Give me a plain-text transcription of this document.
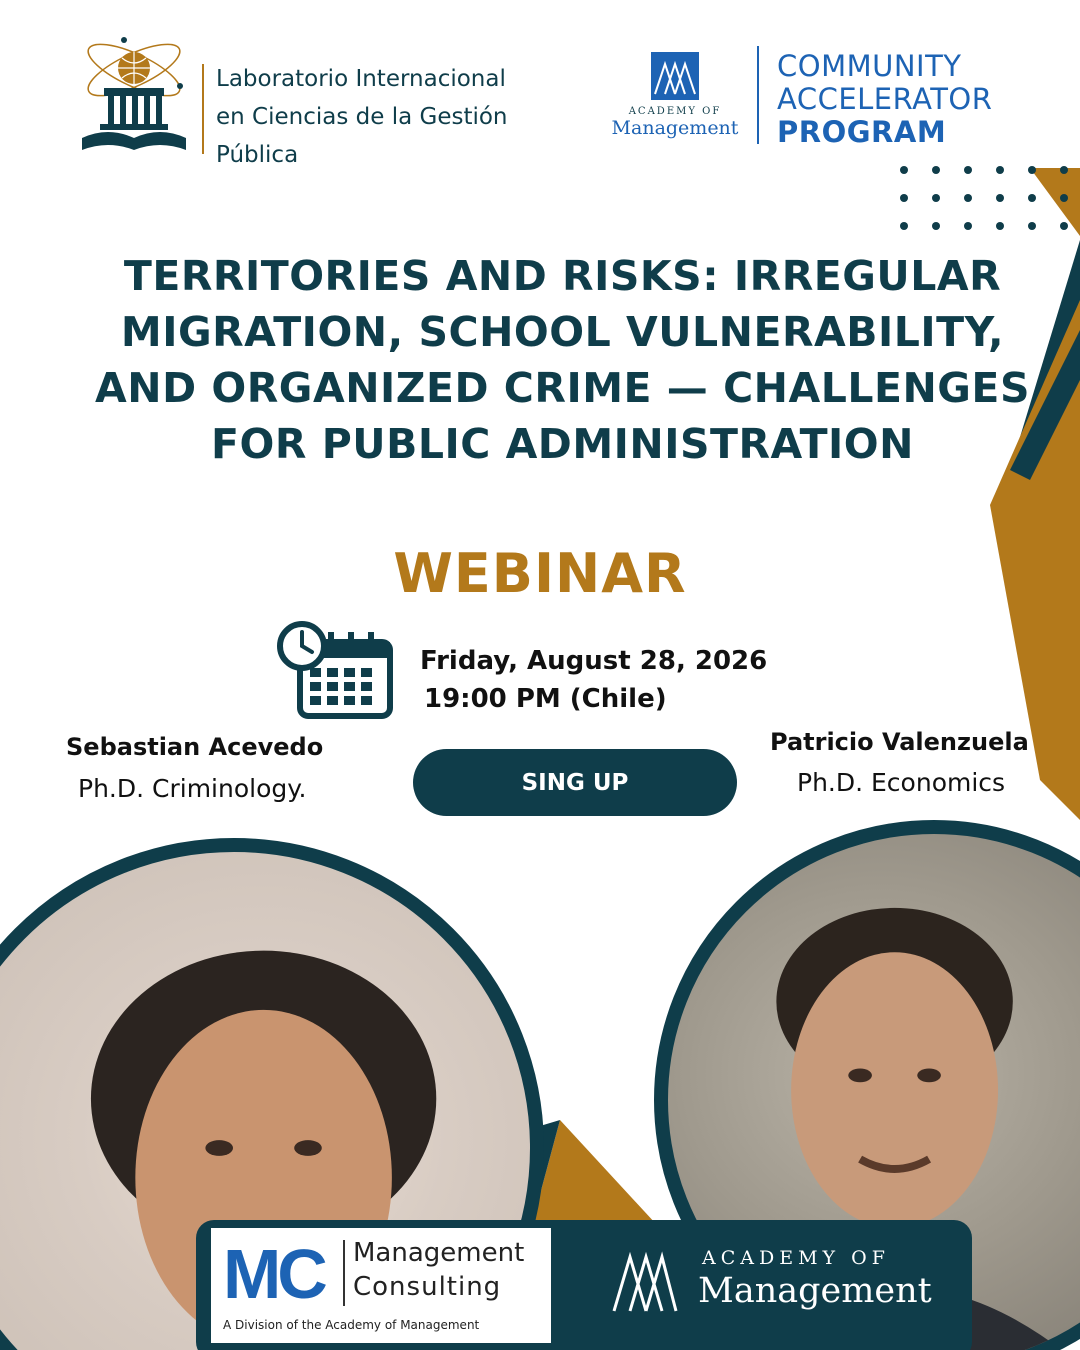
Laboratorio Internacional
en Ciencias de la Gestión
Pública
ACADEMY OF
Management
COMMUNITY
ACCELERATOR
PROGRAM
TERRITORIES AND RISKS: IRREGULAR MIGRATION, SCHOOL VULNERABILITY, AND ORGANIZED CRIME — CHALLENGES FOR PUBLIC ADMINISTRATION
WEBINAR
Friday, August 28, 2026
19:00 PM (Chile)
Sebastian Acevedo
Ph.D. Criminology.
Patricio Valenzuela
Ph.D. Economics
SING UP
MC Management
Consulting
A Division of the Academy of Management
ACADEMY OF
Management
